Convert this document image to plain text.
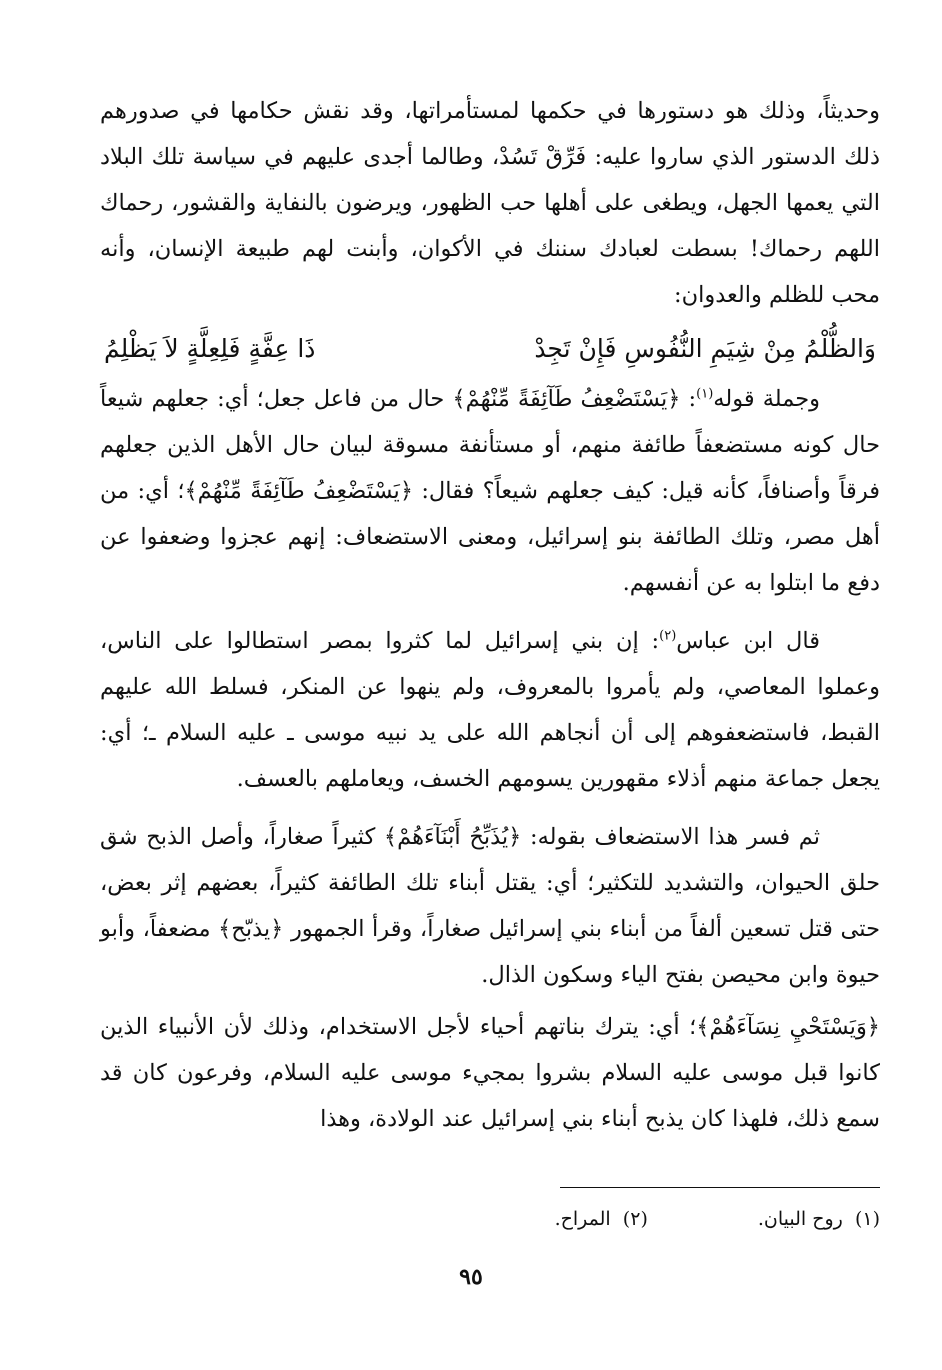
وحديثاً، وذلك هو دستورها في حكمها لمستأمراتها، وقد نقش حكامها في صدورهم ذلك الدستور الذي ساروا عليه: فَرِّقْ تَسُدْ، وطالما أجدى عليهم في سياسة تلك البلاد التي يعمها الجهل، ويطغى على أهلها حب الظهور، ويرضون بالنفاية والقشور، رحماك اللهم رحماك! بسطت لعبادك سننك في الأكوان، وأبنت لهم طبيعة الإنسان، وأنه محب للظلم والعدوان:

وَالظُّلْمُ مِنْ شِيَمِ النُّفُوسِ فَإِنْ تَجِدْ
ذَا عِفَّةٍ فَلِعِلَّةٍ لاَ يَظْلِمُ

وجملة قوله$^{(١)}$: ﴿يَسْتَضْعِفُ طَآئِفَةً مِّنْهُمْ﴾ حال من فاعل جعل؛ أي: جعلهم شيعاً حال كونه مستضعفاً طائفة منهم، أو مستأنفة مسوقة لبيان حال الأهل الذين جعلهم فرقاً وأصنافاً، كأنه قيل: كيف جعلهم شيعاً؟ فقال: ﴿يَسْتَضْعِفُ طَآئِفَةً مِّنْهُمْ﴾؛ أي: من أهل مصر، وتلك الطائفة بنو إسرائيل، ومعنى الاستضعاف: إنهم عجزوا وضعفوا عن دفع ما ابتلوا به عن أنفسهم.

قال ابن عباس$^{(٢)}$: إن بني إسرائيل لما كثروا بمصر استطالوا على الناس، وعملوا المعاصي، ولم يأمروا بالمعروف، ولم ينهوا عن المنكر، فسلط الله عليهم القبط، فاستضعفوهم إلى أن أنجاهم الله على يد نبيه موسى ـ عليه السلام ـ؛ أي: يجعل جماعة منهم أذلاء مقهورين يسومهم الخسف، ويعاملهم بالعسف.

ثم فسر هذا الاستضعاف بقوله: ﴿يُذَبِّحُ أَبْنَآءَهُمْ﴾ كثيراً صغاراً، وأصل الذبح شق حلق الحيوان، والتشديد للتكثير؛ أي: يقتل أبناء تلك الطائفة كثيراً، بعضهم إثر بعض، حتى قتل تسعين ألفاً من أبناء بني إسرائيل صغاراً، وقرأ الجمهور ﴿يذبّح﴾ مضعفاً، وأبو حيوة وابن محيصن بفتح الياء وسكون الذال.

﴿وَيَسْتَحْيِ نِسَآءَهُمْ﴾؛ أي: يترك بناتهم أحياء لأجل الاستخدام، وذلك لأن الأنبياء الذين كانوا قبل موسى عليه السلام بشروا بمجيء موسى عليه السلام، وفرعون كان قد سمع ذلك، فلهذا كان يذبح أبناء بني إسرائيل عند الولادة، وهذا

(١)  روح البيان.
(٢)  المراح.
٩٥
